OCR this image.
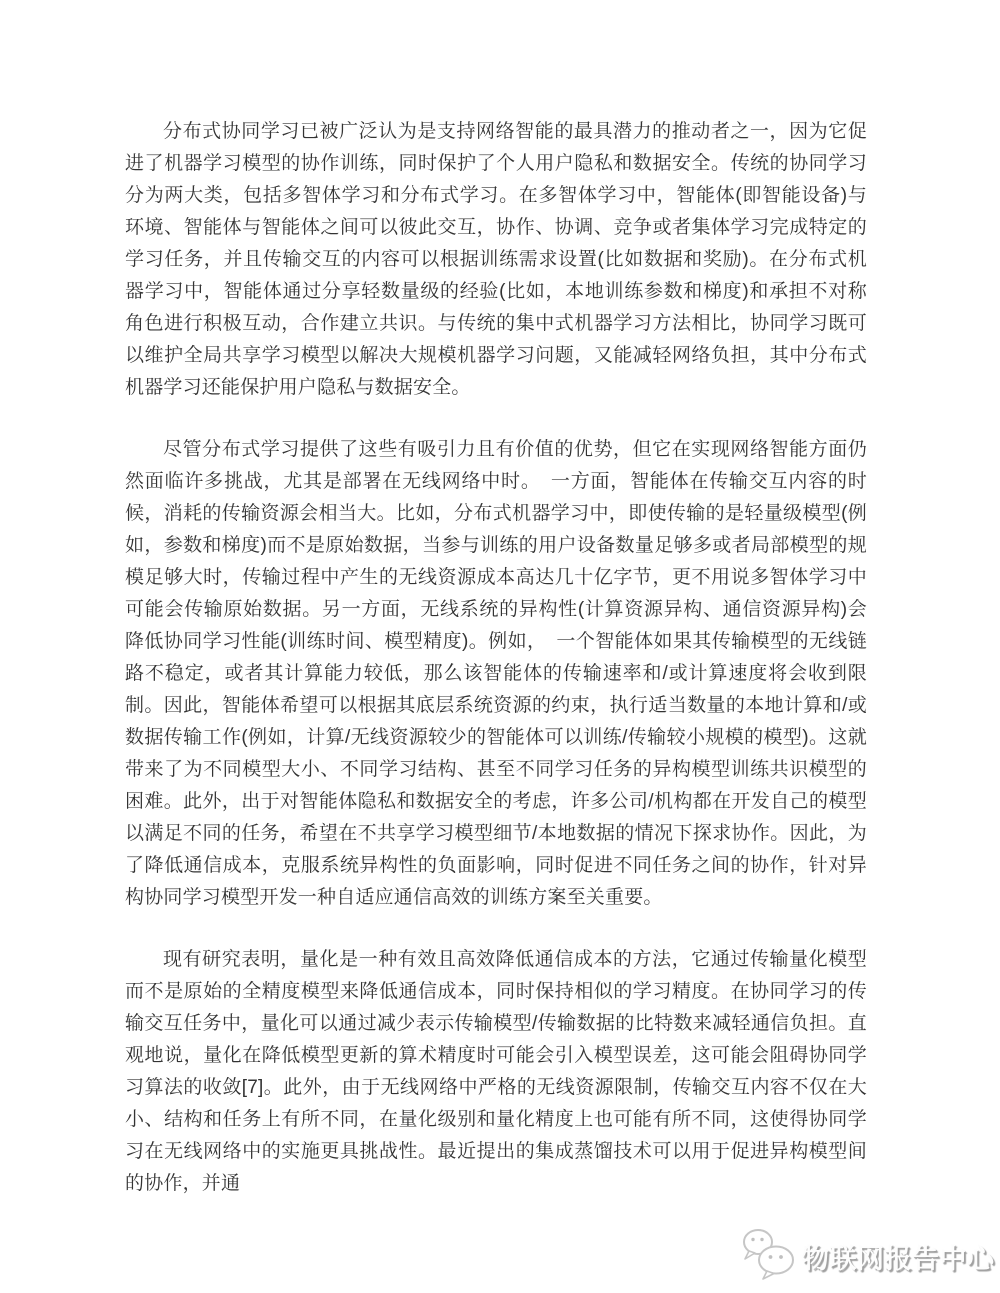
分布式协同学习已被广泛认为是支持网络智能的最具潜力的推动者之一，因为它促进了机器学习模型的协作训练，同时保护了个人用户隐私和数据安全。传统的协同学习分为两大类，包括多智体学习和分布式学习。在多智体学习中，智能体(即智能设备)与环境、智能体与智能体之间可以彼此交互，协作、协调、竞争或者集体学习完成特定的学习任务，并且传输交互的内容可以根据训练需求设置(比如数据和奖励)。在分布式机器学习中，智能体通过分享轻数量级的经验(比如，本地训练参数和梯度)和承担不对称角色进行积极互动，合作建立共识。与传统的集中式机器学习方法相比，协同学习既可以维护全局共享学习模型以解决大规模机器学习问题，又能减轻网络负担，其中分布式机器学习还能保护用户隐私与数据安全。

尽管分布式学习提供了这些有吸引力且有价值的优势，但它在实现网络智能方面仍然面临许多挑战，尤其是部署在无线网络中时。　一方面，智能体在传输交互内容的时候，消耗的传输资源会相当大。比如，分布式机器学习中，即使传输的是轻量级模型(例如，参数和梯度)而不是原始数据，当参与训练的用户设备数量足够多或者局部模型的规模足够大时，传输过程中产生的无线资源成本高达几十亿字节，更不用说多智体学习中可能会传输原始数据。另一方面，无线系统的异构性(计算资源异构、通信资源异构)会降低协同学习性能(训练时间、模型精度)。例如，　一个智能体如果其传输模型的无线链路不稳定，或者其计算能力较低，那么该智能体的传输速率和/或计算速度将会收到限制。因此，智能体希望可以根据其底层系统资源的约束，执行适当数量的本地计算和/或数据传输工作(例如，计算/无线资源较少的智能体可以训练/传输较小规模的模型)。这就带来了为不同模型大小、不同学习结构、甚至不同学习任务的异构模型训练共识模型的困难。此外，出于对智能体隐私和数据安全的考虑，许多公司/机构都在开发自己的模型以满足不同的任务，希望在不共享学习模型细节/本地数据的情况下探求协作。因此，为了降低通信成本，克服系统异构性的负面影响，同时促进不同任务之间的协作，针对异构协同学习模型开发一种自适应通信高效的训练方案至关重要。

现有研究表明，量化是一种有效且高效降低通信成本的方法，它通过传输量化模型而不是原始的全精度模型来降低通信成本，同时保持相似的学习精度。在协同学习的传输交互任务中，量化可以通过减少表示传输模型/传输数据的比特数来减轻通信负担。直观地说，量化在降低模型更新的算术精度时可能会引入模型误差，这可能会阻碍协同学习算法的收敛[7]。此外，由于无线网络中严格的无线资源限制，传输交互内容不仅在大小、结构和任务上有所不同，在量化级别和量化精度上也可能有所不同，这使得协同学习在无线网络中的实施更具挑战性。最近提出的集成蒸馏技术可以用于促进异构模型间的协作，并通

物联网报告中心
